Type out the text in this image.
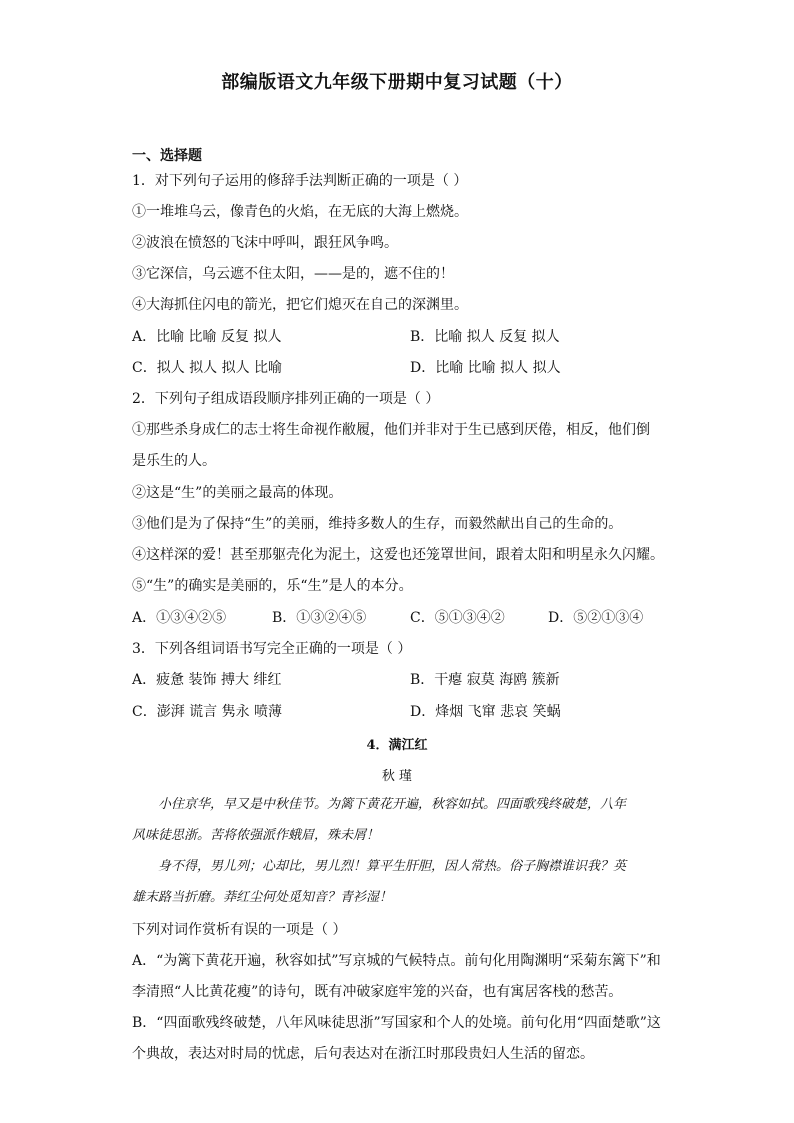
部编版语文九年级下册期中复习试题（十）
一、选择题
1．对下列句子运用的修辞手法判断正确的一项是（ ）
①一堆堆乌云，像青色的火焰，在无底的大海上燃烧。
②波浪在愤怒的飞沫中呼叫，跟狂风争鸣。
③它深信，乌云遮不住太阳，——是的，遮不住的！
④大海抓住闪电的箭光，把它们熄灭在自己的深渊里。
A．比喻 比喻 反复 拟人	B．比喻 拟人 反复 拟人
C．拟人 拟人 拟人 比喻	D．比喻 比喻 拟人 拟人
2．下列句子组成语段顺序排列正确的一项是（ ）
①那些杀身成仁的志士将生命视作敝履，他们并非对于生已感到厌倦，相反，他们倒
是乐生的人。
②这是“生”的美丽之最高的体现。
③他们是为了保持“生”的美丽，维持多数人的生存，而毅然献出自己的生命的。
④这样深的爱！甚至那躯壳化为泥土，这爱也还笼罩世间，跟着太阳和明星永久闪耀。
⑤“生”的确实是美丽的，乐“生”是人的本分。
A．①③④②⑤	B．①③②④⑤	C．⑤①③④②	D．⑤②①③④
3．下列各组词语书写完全正确的一项是（ ）
A．疲惫 装饰 搏大 绯红	B．干瘪 寂莫 海鸥 簇新
C．澎湃 谎言 隽永 喷薄	D．烽烟 飞窜 悲哀 笑蜗
4．满江红
秋 瑾
小住京华，早又是中秋佳节。为篱下黄花开遍，秋容如拭。四面歌残终破楚，八年
风味徒思浙。苦将侬强派作蛾眉，殊未屑！
身不得，男儿列；心却比，男儿烈！算平生肝胆，因人常热。俗子胸襟谁识我？英
雄末路当折磨。莽红尘何处觅知音？青衫湿！
下列对词作赏析有误的一项是（ ）
A．“为篱下黄花开遍，秋容如拭”写京城的气候特点。前句化用陶渊明“采菊东篱下”和
李清照“人比黄花瘦”的诗句，既有冲破家庭牢笼的兴奋，也有寓居客栈的愁苦。
B．“四面歌残终破楚，八年风味徒思浙”写国家和个人的处境。前句化用“四面楚歌”这
个典故，表达对时局的忧虑，后句表达对在浙江时那段贵妇人生活的留恋。
